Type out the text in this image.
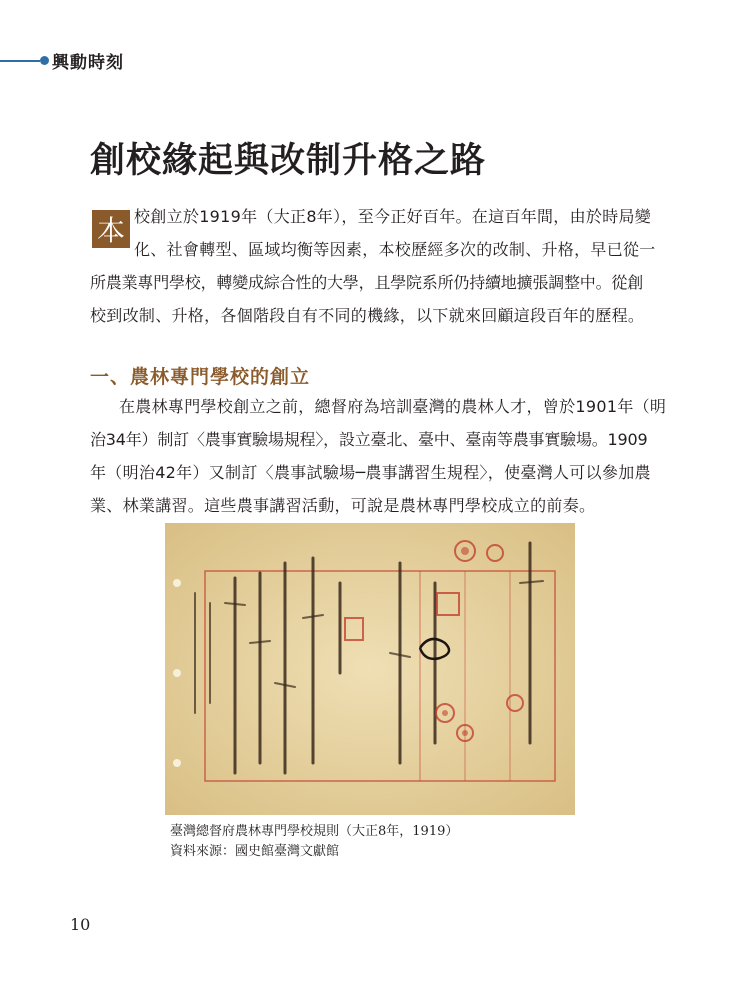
興動時刻
創校緣起與改制升格之路
本 校創立於1919年（大正8年），至今正好百年。在這百年間，由於時局變
化、社會轉型、區域均衡等因素，本校歷經多次的改制、升格，早已從一
所農業專門學校，轉變成綜合性的大學，且學院系所仍持續地擴張調整中。從創
校到改制、升格，各個階段自有不同的機緣，以下就來回顧這段百年的歷程。
一、農林專門學校的創立
在農林專門學校創立之前，總督府為培訓臺灣的農林人才，曾於1901年（明
治34年）制訂〈農事實驗場規程〉，設立臺北、臺中、臺南等農事實驗場。1909
年（明治42年）又制訂〈農事試驗場─農事講習生規程〉，使臺灣人可以參加農
業、林業講習。這些農事講習活動，可說是農林專門學校成立的前奏。
臺灣總督府農林專門學校規則（大正8年，1919）
資料來源：國史館臺灣文獻館
10
